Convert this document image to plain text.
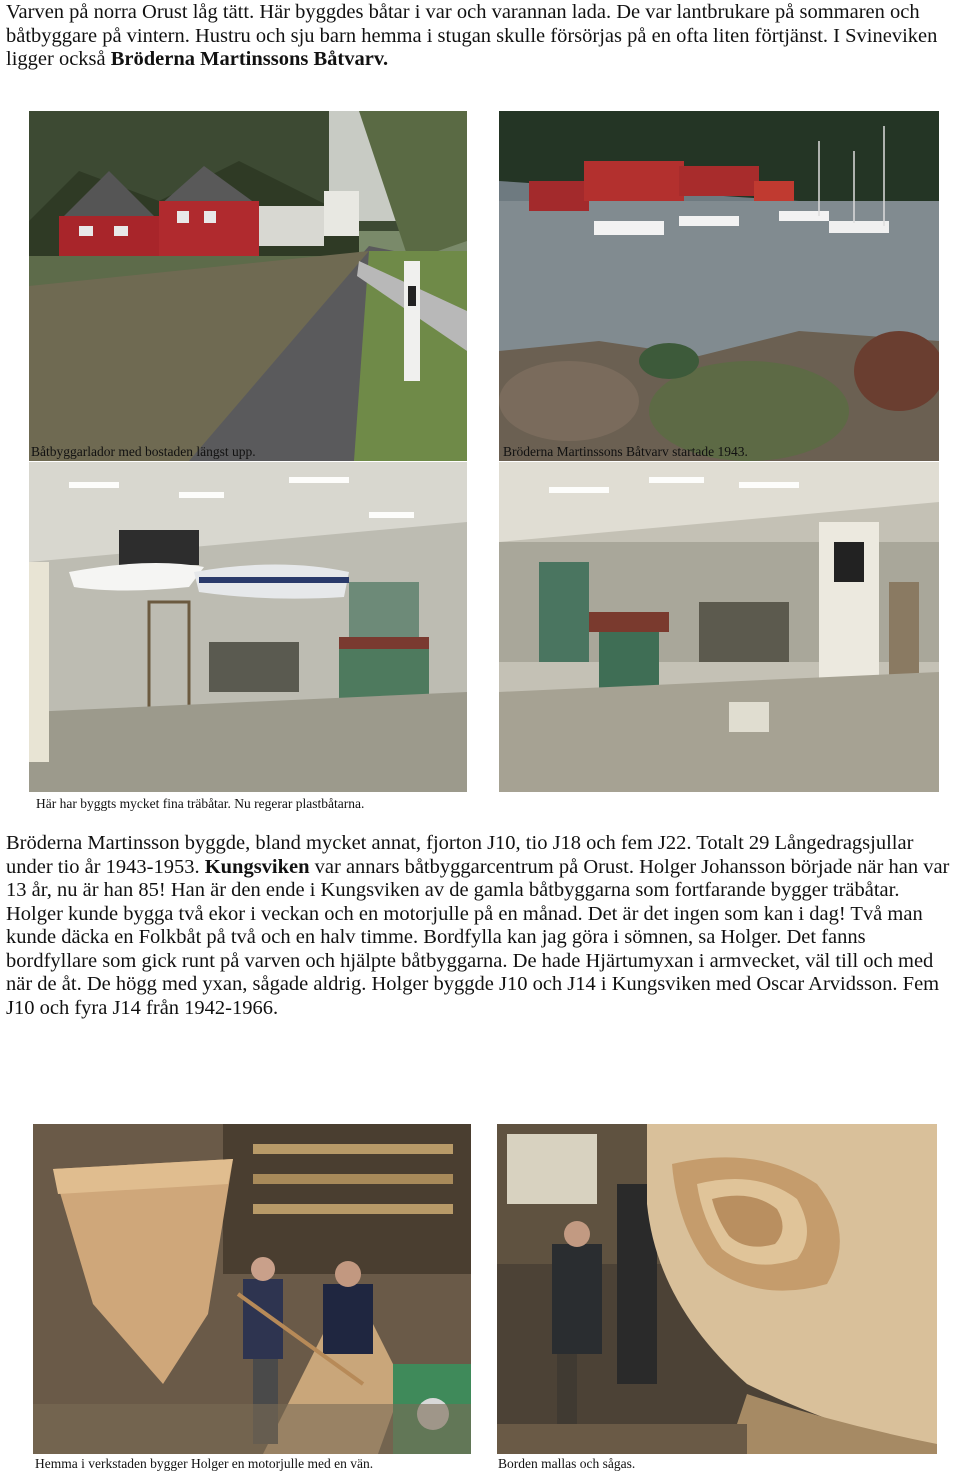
Varven på norra Orust låg tätt. Här byggdes båtar i var och varannan lada. De var lantbrukare på sommaren och båtbyggare på vintern. Hustru och sju barn hemma i stugan skulle försörjas på en ofta liten förtjänst. I Svineviken ligger också Bröderna Martinssons Båtvarv.

Båtbyggarlador med bostaden längst upp.	Bröderna Martinssons Båtvarv startade 1943.
Här har byggts mycket fina träbåtar. Nu regerar plastbåtarna.

Bröderna Martinsson byggde, bland mycket annat, fjorton J10, tio J18 och fem J22. Totalt 29 Långedragsjullar under tio år 1943-1953. Kungsviken var annars båtbyggarcentrum på Orust. Holger Johansson började när han var 13 år, nu är han 85! Han är den ende i Kungsviken av de gamla båtbyggarna som fortfarande bygger träbåtar. Holger kunde bygga två ekor i veckan och en motorjulle på en månad. Det är det ingen som kan i dag! Två man kunde däcka en Folkbåt på två och en halv timme. Bordfylla kan jag göra i sömnen, sa Holger. Det fanns bordfyllare som gick runt på varven och hjälpte båtbyggarna. De hade Hjärtumyxan i armvecket, väl till och med när de åt. De högg med yxan, sågade aldrig. Holger byggde J10 och J14 i Kungsviken med Oscar Arvidsson. Fem J10 och fyra J14 från 1942-1966.

Hemma i verkstaden bygger Holger en motorjulle med en vän.	Borden mallas och sågas.
